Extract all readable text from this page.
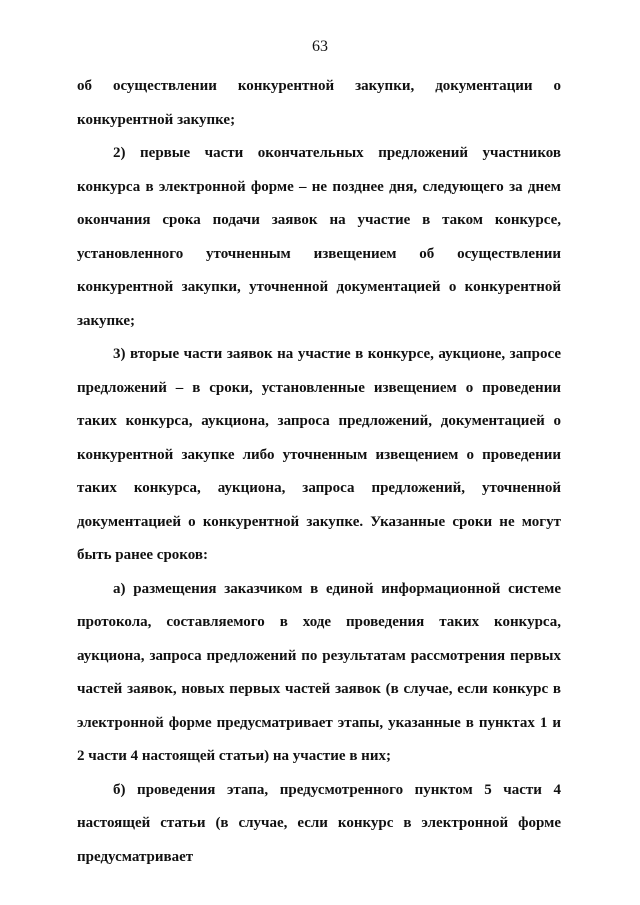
63

об осуществлении конкурентной закупки, документации о конкурентной закупке;

2) первые части окончательных предложений участников конкурса в электронной форме – не позднее дня, следующего за днем окончания срока подачи заявок на участие в таком конкурсе, установленного уточненным извещением об осуществлении конкурентной закупки, уточненной документацией о конкурентной закупке;

3) вторые части заявок на участие в конкурсе, аукционе, запросе предложений – в сроки, установленные извещением о проведении таких конкурса, аукциона, запроса предложений, документацией о конкурентной закупке либо уточненным извещением о проведении таких конкурса, аукциона, запроса предложений, уточненной документацией о конкурентной закупке. Указанные сроки не могут быть ранее сроков:

а) размещения заказчиком в единой информационной системе протокола, составляемого в ходе проведения таких конкурса, аукциона, запроса предложений по результатам рассмотрения первых частей заявок, новых первых частей заявок (в случае, если конкурс в электронной форме предусматривает этапы, указанные в пунктах 1 и 2 части 4 настоящей статьи) на участие в них;

б) проведения этапа, предусмотренного пунктом 5 части 4 настоящей статьи (в случае, если конкурс в электронной форме предусматривает
